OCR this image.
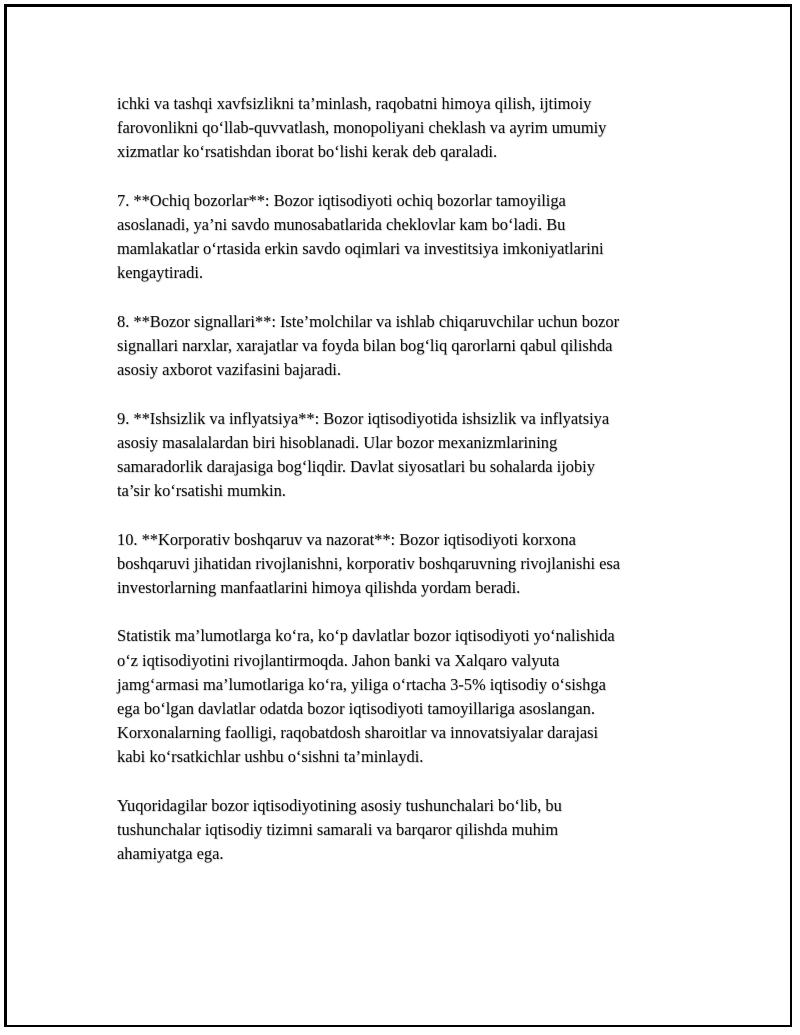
ichki va tashqi xavfsizlikni ta’minlash, raqobatni himoya qilish, ijtimoiy
farovonlikni qo‘llab-quvvatlash, monopoliyani cheklash va ayrim umumiy
xizmatlar ko‘rsatishdan iborat bo‘lishi kerak deb qaraladi.

7. **Ochiq bozorlar**: Bozor iqtisodiyoti ochiq bozorlar tamoyiliga
asoslanadi, ya’ni savdo munosabatlarida cheklovlar kam bo‘ladi. Bu
mamlakatlar o‘rtasida erkin savdo oqimlari va investitsiya imkoniyatlarini
kengaytiradi.

8. **Bozor signallari**: Iste’molchilar va ishlab chiqaruvchilar uchun bozor
signallari narxlar, xarajatlar va foyda bilan bog‘liq qarorlarni qabul qilishda
asosiy axborot vazifasini bajaradi.

9. **Ishsizlik va inflyatsiya**: Bozor iqtisodiyotida ishsizlik va inflyatsiya
asosiy masalalardan biri hisoblanadi. Ular bozor mexanizmlarining
samaradorlik darajasiga bog‘liqdir. Davlat siyosatlari bu sohalarda ijobiy
ta’sir ko‘rsatishi mumkin.

10. **Korporativ boshqaruv va nazorat**: Bozor iqtisodiyoti korxona
boshqaruvi jihatidan rivojlanishni, korporativ boshqaruvning rivojlanishi esa
investorlarning manfaatlarini himoya qilishda yordam beradi.

Statistik ma’lumotlarga ko‘ra, ko‘p davlatlar bozor iqtisodiyoti yo‘nalishida
o‘z iqtisodiyotini rivojlantirmoqda. Jahon banki va Xalqaro valyuta
jamg‘armasi ma’lumotlariga ko‘ra, yiliga o‘rtacha 3-5% iqtisodiy o‘sishga
ega bo‘lgan davlatlar odatda bozor iqtisodiyoti tamoyillariga asoslangan.
Korxonalarning faolligi, raqobatdosh sharoitlar va innovatsiyalar darajasi
kabi ko‘rsatkichlar ushbu o‘sishni ta’minlaydi.

Yuqoridagilar bozor iqtisodiyotining asosiy tushunchalari bo‘lib, bu
tushunchalar iqtisodiy tizimni samarali va barqaror qilishda muhim
ahamiyatga ega.
